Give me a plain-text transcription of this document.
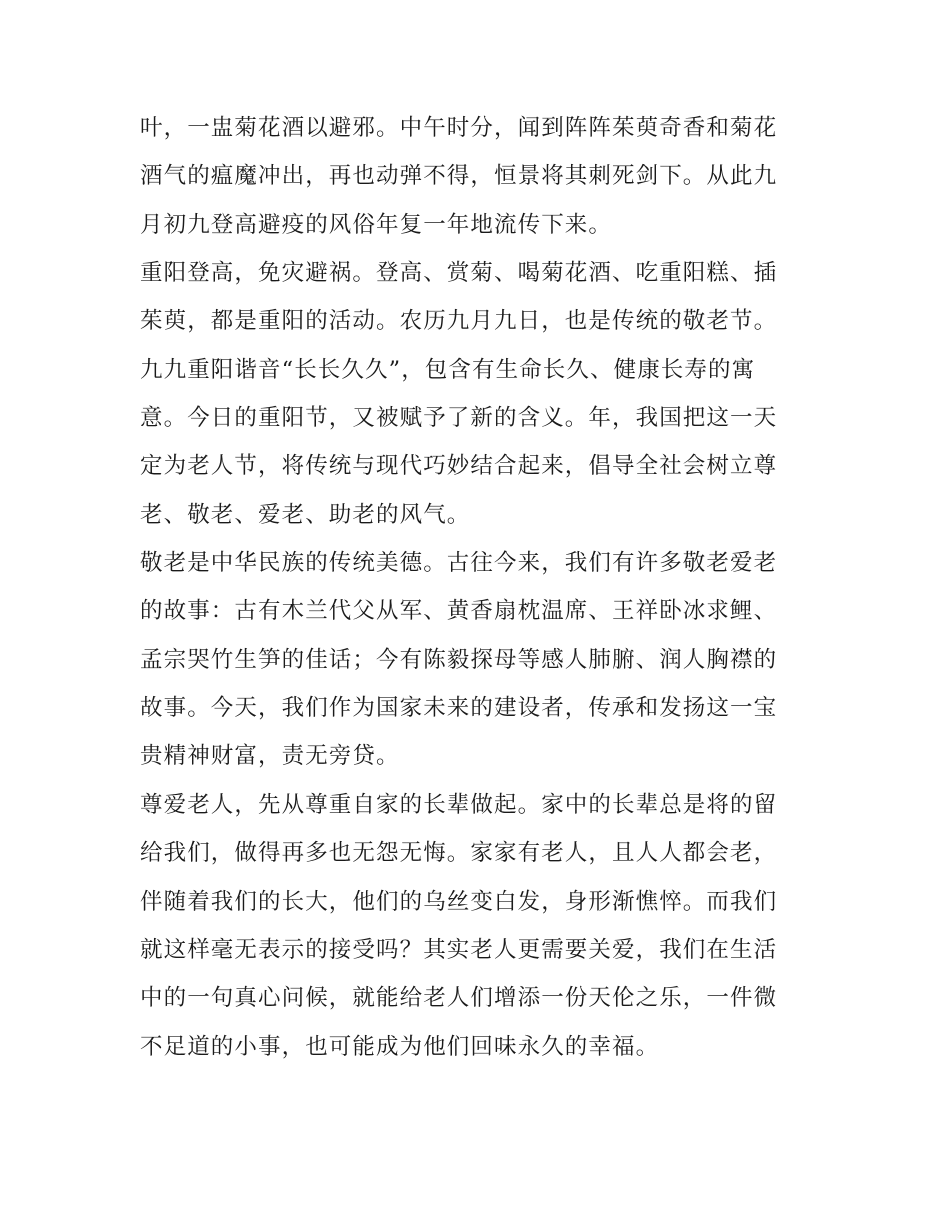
叶，一盅菊花酒以避邪。中午时分，闻到阵阵茱萸奇香和菊花
酒气的瘟魔冲出，再也动弹不得，恒景将其刺死剑下。从此九
月初九登高避疫的风俗年复一年地流传下来。

重阳登高，免灾避祸。登高、赏菊、喝菊花酒、吃重阳糕、插
茱萸，都是重阳的活动。农历九月九日，也是传统的敬老节。
九九重阳谐音“长长久久”，包含有生命长久、健康长寿的寓
意。今日的重阳节，又被赋予了新的含义。年，我国把这一天
定为老人节，将传统与现代巧妙结合起来，倡导全社会树立尊
老、敬老、爱老、助老的风气。

敬老是中华民族的传统美德。古往今来，我们有许多敬老爱老
的故事：古有木兰代父从军、黄香扇枕温席、王祥卧冰求鲤、
孟宗哭竹生笋的佳话；今有陈毅探母等感人肺腑、润人胸襟的
故事。今天，我们作为国家未来的建设者，传承和发扬这一宝
贵精神财富，责无旁贷。

尊爱老人，先从尊重自家的长辈做起。家中的长辈总是将的留
给我们，做得再多也无怨无悔。家家有老人，且人人都会老，
伴随着我们的长大，他们的乌丝变白发，身形渐憔悴。而我们
就这样毫无表示的接受吗？其实老人更需要关爱，我们在生活
中的一句真心问候，就能给老人们增添一份天伦之乐，一件微
不足道的小事，也可能成为他们回味永久的幸福。
